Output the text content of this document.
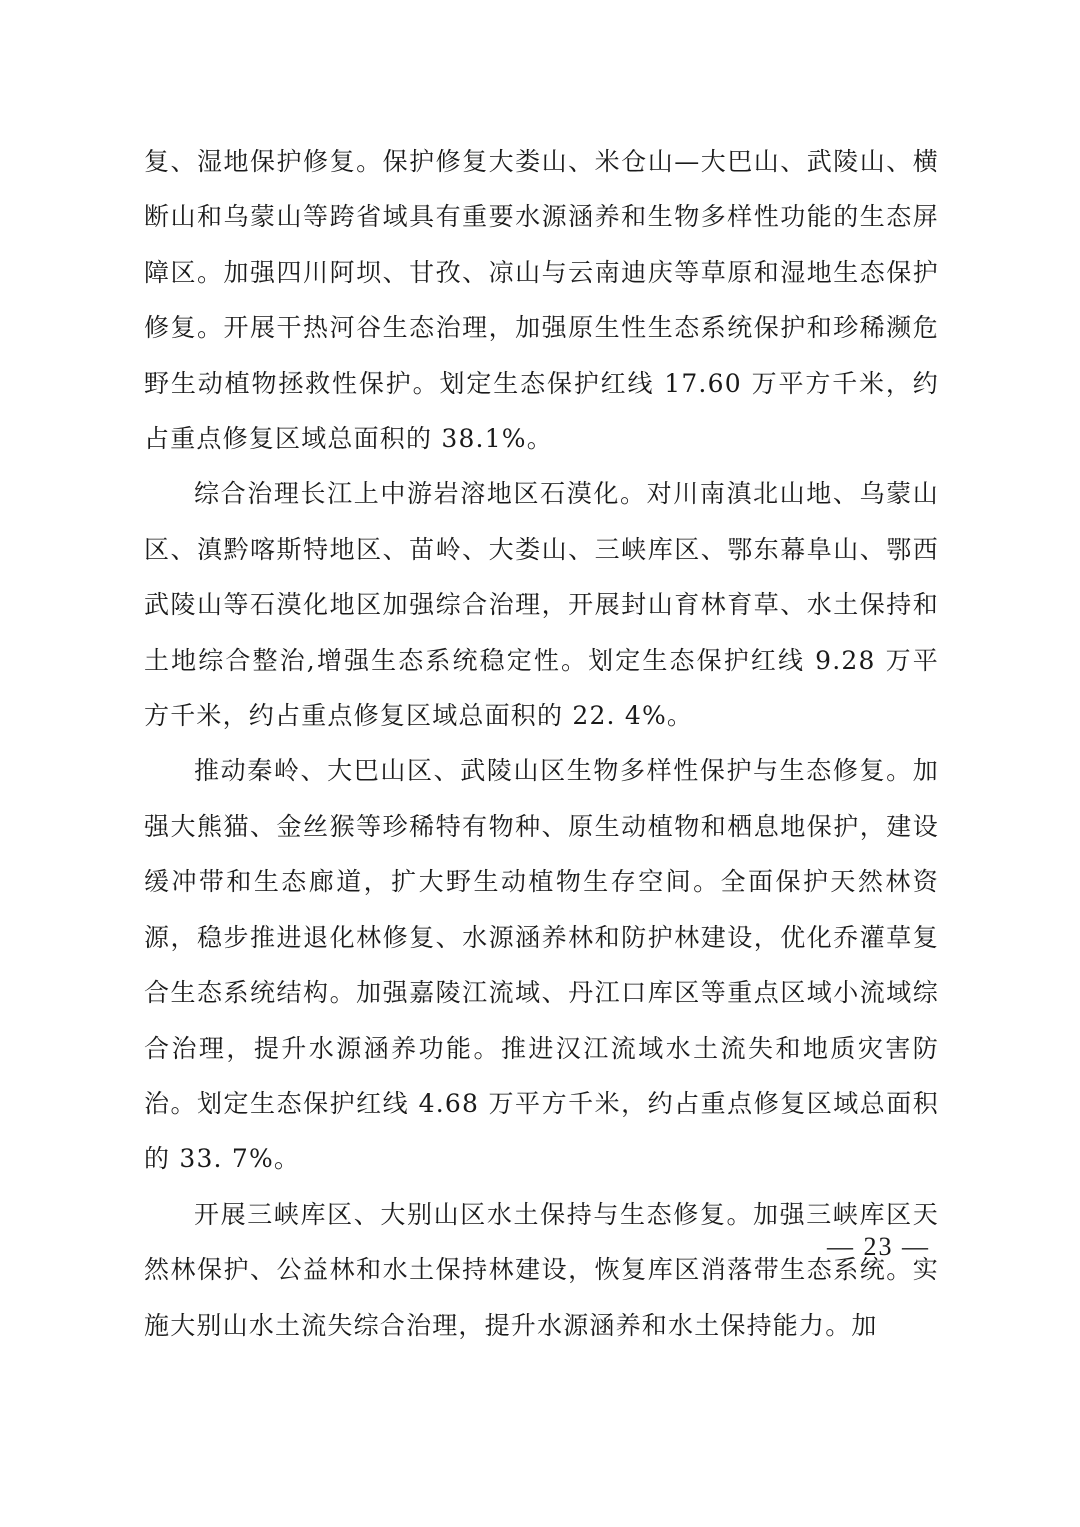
复、湿地保护修复。保护修复大娄山、米仓山—大巴山、武陵山、横断山和乌蒙山等跨省域具有重要水源涵养和生物多样性功能的生态屏障区。加强四川阿坝、甘孜、凉山与云南迪庆等草原和湿地生态保护修复。开展干热河谷生态治理，加强原生性生态系统保护和珍稀濒危野生动植物拯救性保护。划定生态保护红线 17.60 万平方千米，约占重点修复区域总面积的 38.1%。

综合治理长江上中游岩溶地区石漠化。对川南滇北山地、乌蒙山区、滇黔喀斯特地区、苗岭、大娄山、三峡库区、鄂东幕阜山、鄂西武陵山等石漠化地区加强综合治理，开展封山育林育草、水土保持和土地综合整治,增强生态系统稳定性。划定生态保护红线 9.28 万平方千米，约占重点修复区域总面积的 22. 4%。

推动秦岭、大巴山区、武陵山区生物多样性保护与生态修复。加强大熊猫、金丝猴等珍稀特有物种、原生动植物和栖息地保护，建设缓冲带和生态廊道，扩大野生动植物生存空间。全面保护天然林资源，稳步推进退化林修复、水源涵养林和防护林建设，优化乔灌草复合生态系统结构。加强嘉陵江流域、丹江口库区等重点区域小流域综合治理，提升水源涵养功能。推进汉江流域水土流失和地质灾害防治。划定生态保护红线 4.68 万平方千米，约占重点修复区域总面积的 33. 7%。

开展三峡库区、大别山区水土保持与生态修复。加强三峡库区天然林保护、公益林和水土保持林建设，恢复库区消落带生态系统。实施大别山水土流失综合治理，提升水源涵养和水土保持能力。加

— 23 —
